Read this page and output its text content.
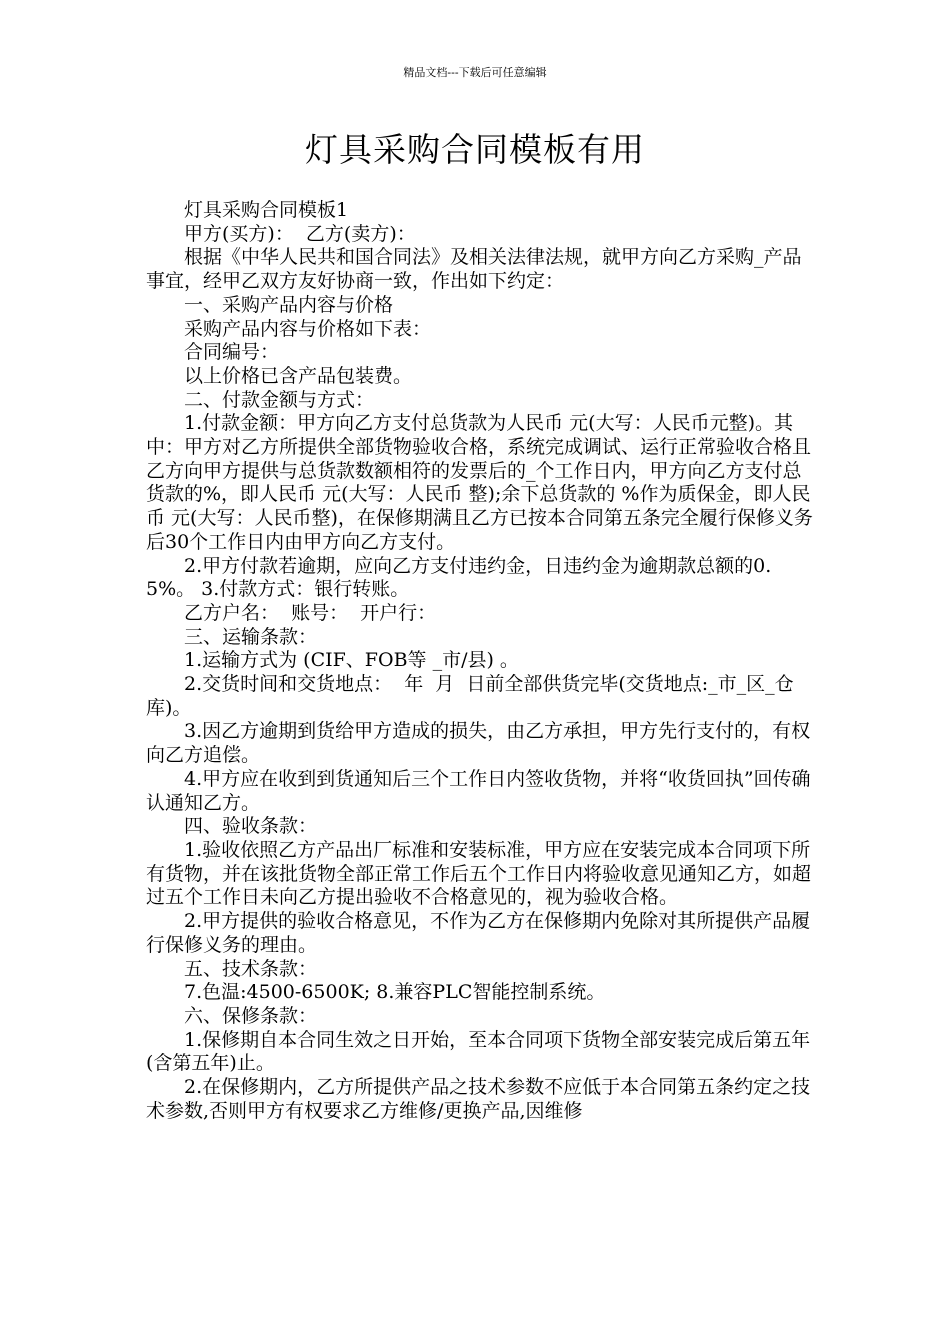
精品文档---下载后可任意编辑
灯具采购合同模板有用

灯具采购合同模板1

甲方(买方)：  乙方(卖方)：

根据《中华人民共和国合同法》及相关法律法规，就甲方向乙方采购_产品 事宜，经甲乙双方友好协商一致，作出如下约定：

一、采购产品内容与价格

采购产品内容与价格如下表：

合同编号：

以上价格已含产品包装费。

二、付款金额与方式：

1.付款金额：甲方向乙方支付总货款为人民币 元(大写：人民币元整)。其中：甲方对乙方所提供全部货物验收合格，系统完成调试、运行正常验收合格且乙方向甲方提供与总货款数额相符的发票后的_个工作日内，甲方向乙方支付总货款的%，即人民币 元(大写：人民币 整);余下总货款的 %作为质保金，即人民币 元(大写：人民币整)，在保修期满且乙方已按本合同第五条完全履行保修义务后30个工作日内由甲方向乙方支付。

2.甲方付款若逾期，应向乙方支付违约金，日违约金为逾期款总额的0.5%。 3.付款方式：银行转账。

乙方户名：  账号：  开户行：

三、运输条款：

1.运输方式为 (CIF、FOB等 _市/县) 。

2.交货时间和交货地点：  年  月  日前全部供货完毕(交货地点:_市_区_仓库)。

3.因乙方逾期到货给甲方造成的损失，由乙方承担，甲方先行支付的，有权向乙方追偿。

4.甲方应在收到到货通知后三个工作日内签收货物，并将“收货回执”回传确认通知乙方。

四、验收条款：

1.验收依照乙方产品出厂标准和安装标准，甲方应在安装完成本合同项下所有货物，并在该批货物全部正常工作后五个工作日内将验收意见通知乙方，如超过五个工作日未向乙方提出验收不合格意见的，视为验收合格。

2.甲方提供的验收合格意见，不作为乙方在保修期内免除对其所提供产品履行保修义务的理由。

五、技术条款：

7.色温:4500-6500K; 8.兼容PLC智能控制系统。

六、保修条款：

1.保修期自本合同生效之日开始，至本合同项下货物全部安装完成后第五年(含第五年)止。

2.在保修期内，乙方所提供产品之技术参数不应低于本合同第五条约定之技术参数,否则甲方有权要求乙方维修/更换产品,因维修
